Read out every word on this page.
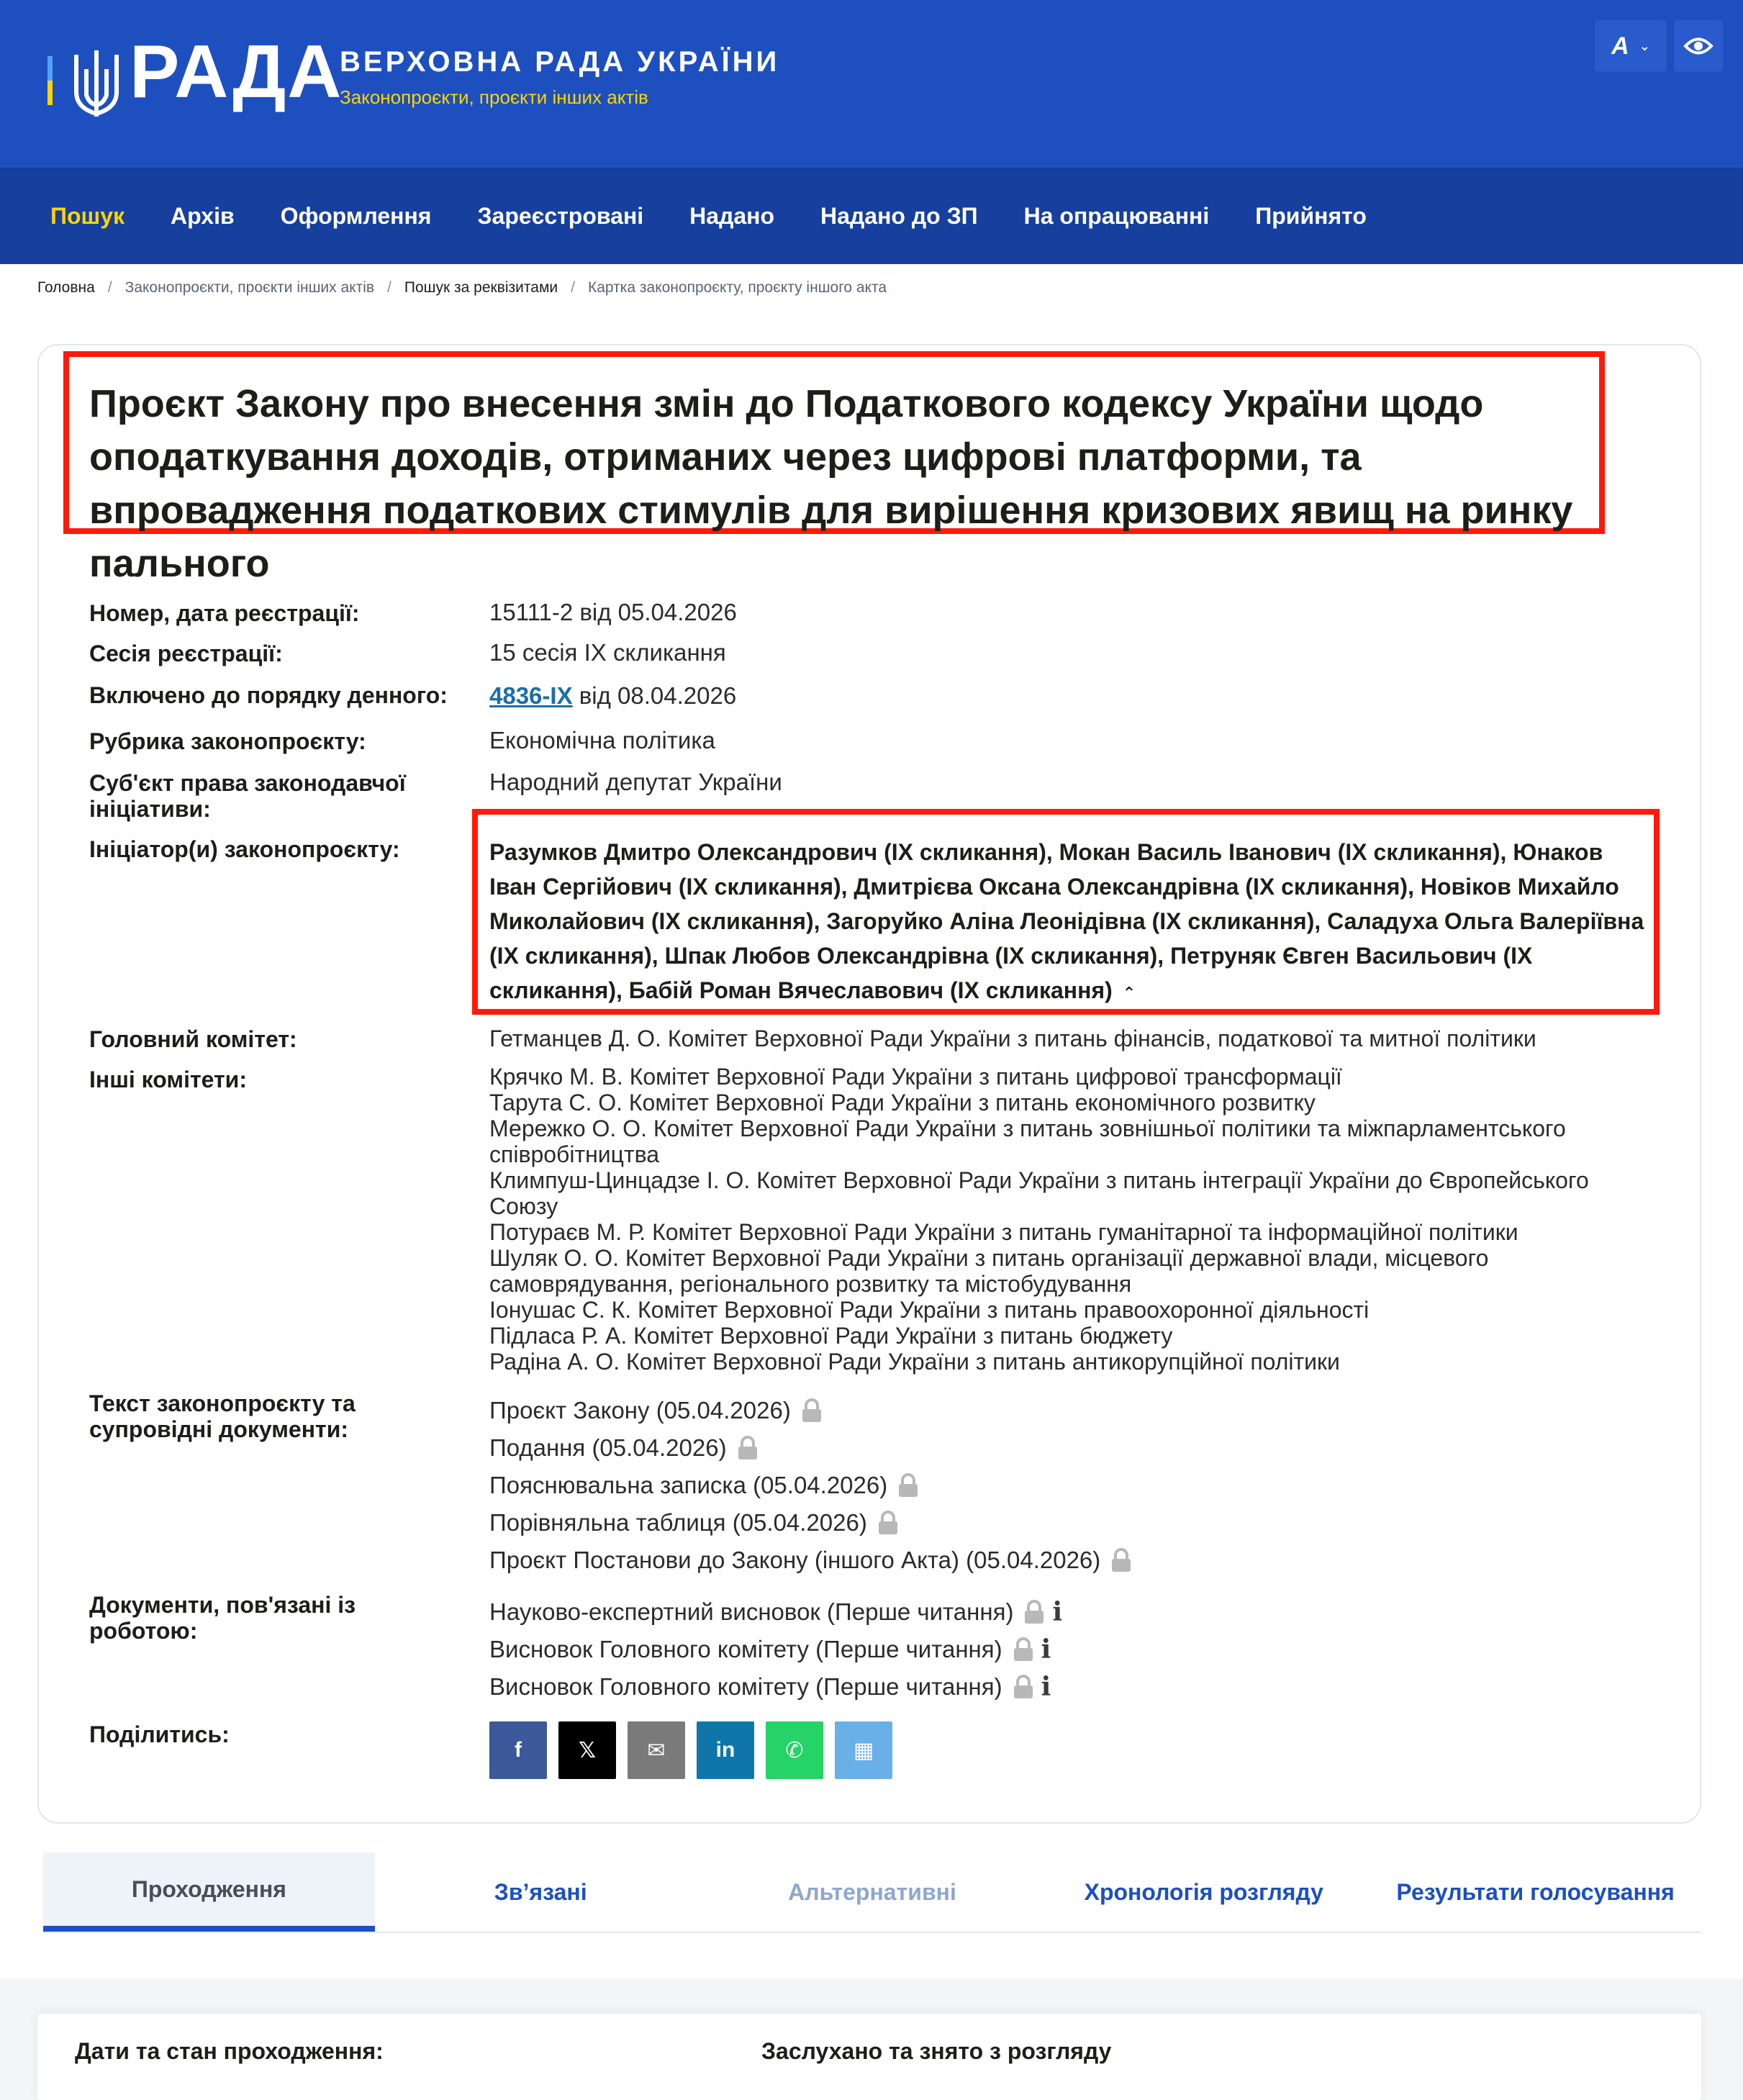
РАДА
ВЕРХОВНА РАДА УКРАЇНИ
Законопроєкти, проєкти інших актів
A ⌄
Пошук Архів Оформлення Зареєстровані Надано Надано до ЗП На опрацюванні Прийнято
Головна / Законопроєкти, проєкти інших актів / Пошук за реквізитами / Картка законопроєкту, проєкту іншого акта
Проєкт Закону про внесення змін до Податкового кодексу України щодо оподаткування доходів, отриманих через цифрові платформи, та впровадження податкових стимулів для вирішення кризових явищ на ринку пального
Номер, дата реєстрації:	15111-2 від 05.04.2026
Сесія реєстрації:	15 сесія IX скликання
Включено до порядку денного: 4836-IX від 08.04.2026
Рубрика законопроєкту:	Економічна політика
Суб'єкт права законодавчої ініціативи:
Народний депутат України
Ініціатор(и) законопроєкту:	Разумков Дмитро Олександрович (IX скликання), Мокан Василь Іванович (IX скликання), Юнаков Іван Сергійович (IX скликання), Дмитрієва Оксана Олександрівна (IX скликання), Новіков Михайло Миколайович (IX скликання), Загоруйко Аліна Леонідівна (IX скликання), Саладуха Ольга Валеріївна (IX скликання), Шпак Любов Олександрівна (IX скликання), Петруняк Євген Васильович (IX скликання), Бабій Роман Вячеславович (IX скликання) ⌃
Головний комітет:	Гетманцев Д. О. Комітет Верховної Ради України з питань фінансів, податкової та митної політики
Інші комітети:	Крячко М. В. Комітет Верховної Ради України з питань цифрової трансформації
Тарута С. О. Комітет Верховної Ради України з питань економічного розвитку
Мережко О. О. Комітет Верховної Ради України з питань зовнішньої політики та міжпарламентського співробітництва
Климпуш-Цинцадзе І. О. Комітет Верховної Ради України з питань інтеграції України до Європейського Союзу
Потураєв М. Р. Комітет Верховної Ради України з питань гуманітарної та інформаційної політики
Шуляк О. О. Комітет Верховної Ради України з питань організації державної влади, місцевого самоврядування, регіонального розвитку та містобудування
Іонушас С. К. Комітет Верховної Ради України з питань правоохоронної діяльності
Підласа Р. А. Комітет Верховної Ради України з питань бюджету
Радіна А. О. Комітет Верховної Ради України з питань антикорупційної політики
Текст законопроєкту та супровідні документи:
Проєкт Закону (05.04.2026)
Подання (05.04.2026)
Пояснювальна записка (05.04.2026)
Порівняльна таблиця (05.04.2026)
Проєкт Постанови до Закону (іншого Акта) (05.04.2026)
Документи, пов'язані із роботою:
Науково-експертний висновок (Перше читання) i
Висновок Головного комітету (Перше читання) i
Висновок Головного комітету (Перше читання) i
Поділитись:
f	𝕏 ✉ in ✆ ▦
Проходження	Зв’язані	Альтернативні	Хронологія розгляду	Результати голосування
Дати та стан проходження:	Заслухано та знято з розгляду
